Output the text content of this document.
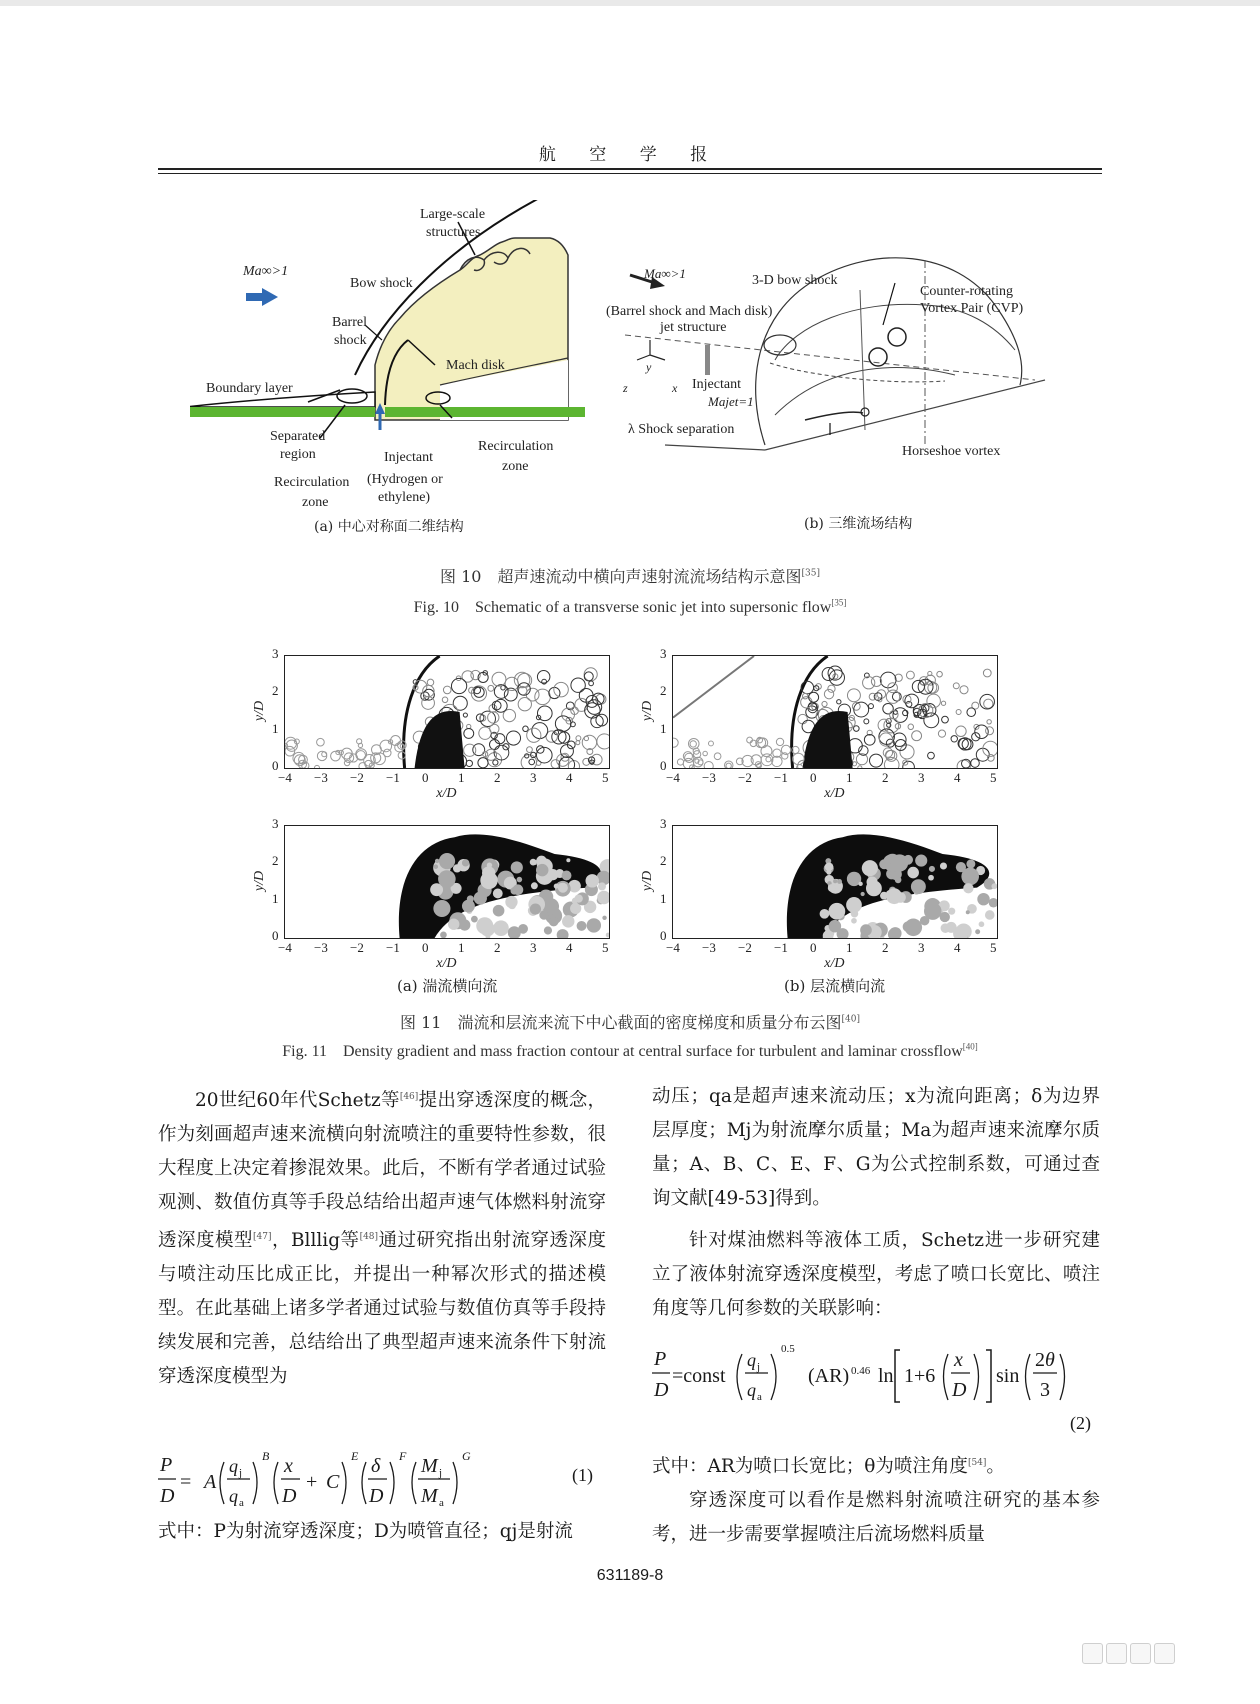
航 空 学 报
Ma∞>1
Large-scale
structures
Bow shock
Barrel
shock
Mach disk
Boundary layer
Separated
region	Injectant
(Hydrogen or
ethylene)
Recirculation
zone
Recirculation
zone
(a) 中心对称面二维结构
Ma∞>1	3-D bow shock
(Barrel shock and Mach disk)
jet structure
Counter-rotating
Vortex Pair (CVP)
Injectant
Majet=1
λ Shock separation
Horseshoe vortex
y
x
z
(b) 三维流场结构
图 10　超声速流动中横向声速射流流场结构示意图[35]
Fig. 10　Schematic of a transverse sonic jet into supersonic flow[35]
−4 −3 −2 −1 0 1 2 3 4 5
0
1
2
3
x/D
y/D
−4 −3 −2 −1 0 1 2 3 4 5
0
1
2
3
x/D
y/D
−4 −3 −2 −1 0 1 2 3 4 5
0
1
2
3
x/D
y/D
−4 −3 −2 −1 0 1 2 3 4 5
0
1
2
3
x/D
y/D
(a) 湍流横向流	(b) 层流横向流
图 11　湍流和层流来流下中心截面的密度梯度和质量分布云图[40]
Fig. 11　Density gradient and mass fraction contour at central surface for turbulent and laminar crossflow[40]

20世纪60年代Schetz等[46]提出穿透深度的概念，作为刻画超声速来流横向射流喷注的重要特性参数，很大程度上决定着掺混效果。此后，不断有学者通过试验观测、数值仿真等手段总结给出超声速气体燃料射流穿透深度模型[47]，Blllig等[48]通过研究指出射流穿透深度与喷注动压比成正比，并提出一种幂次形式的描述模型。在此基础上诸多学者通过试验与数值仿真等手段持续发展和完善，总结给出了典型超声速来流条件下射流穿透深度模型为

P
D
= A
q j
q a
B x
D
+ C
E δ
D
F M j
M a
G
(1)

式中：P为射流穿透深度；D为喷管直径；qj是射流

动压；qa是超声速来流动压；x为流向距离；δ为边界层厚度；Mj为射流摩尔质量；Ma为超声速来流摩尔质量；A、B、C、E、F、G为公式控制系数，可通过查询文献[49-53]得到。

针对煤油燃料等液体工质，Schetz进一步研究建立了液体射流穿透深度模型，考虑了喷口长宽比、喷注角度等几何参数的关联影响：

P
D
=const
q j
q a
0.5
(AR) 0.46 ln 1+6
x
D
sin
2θ
3
(2)

式中：AR为喷口长宽比；θ为喷注角度[54]。

穿透深度可以看作是燃料射流喷注研究的基本参考，进一步需要掌握喷注后流场燃料质量

631189-8
